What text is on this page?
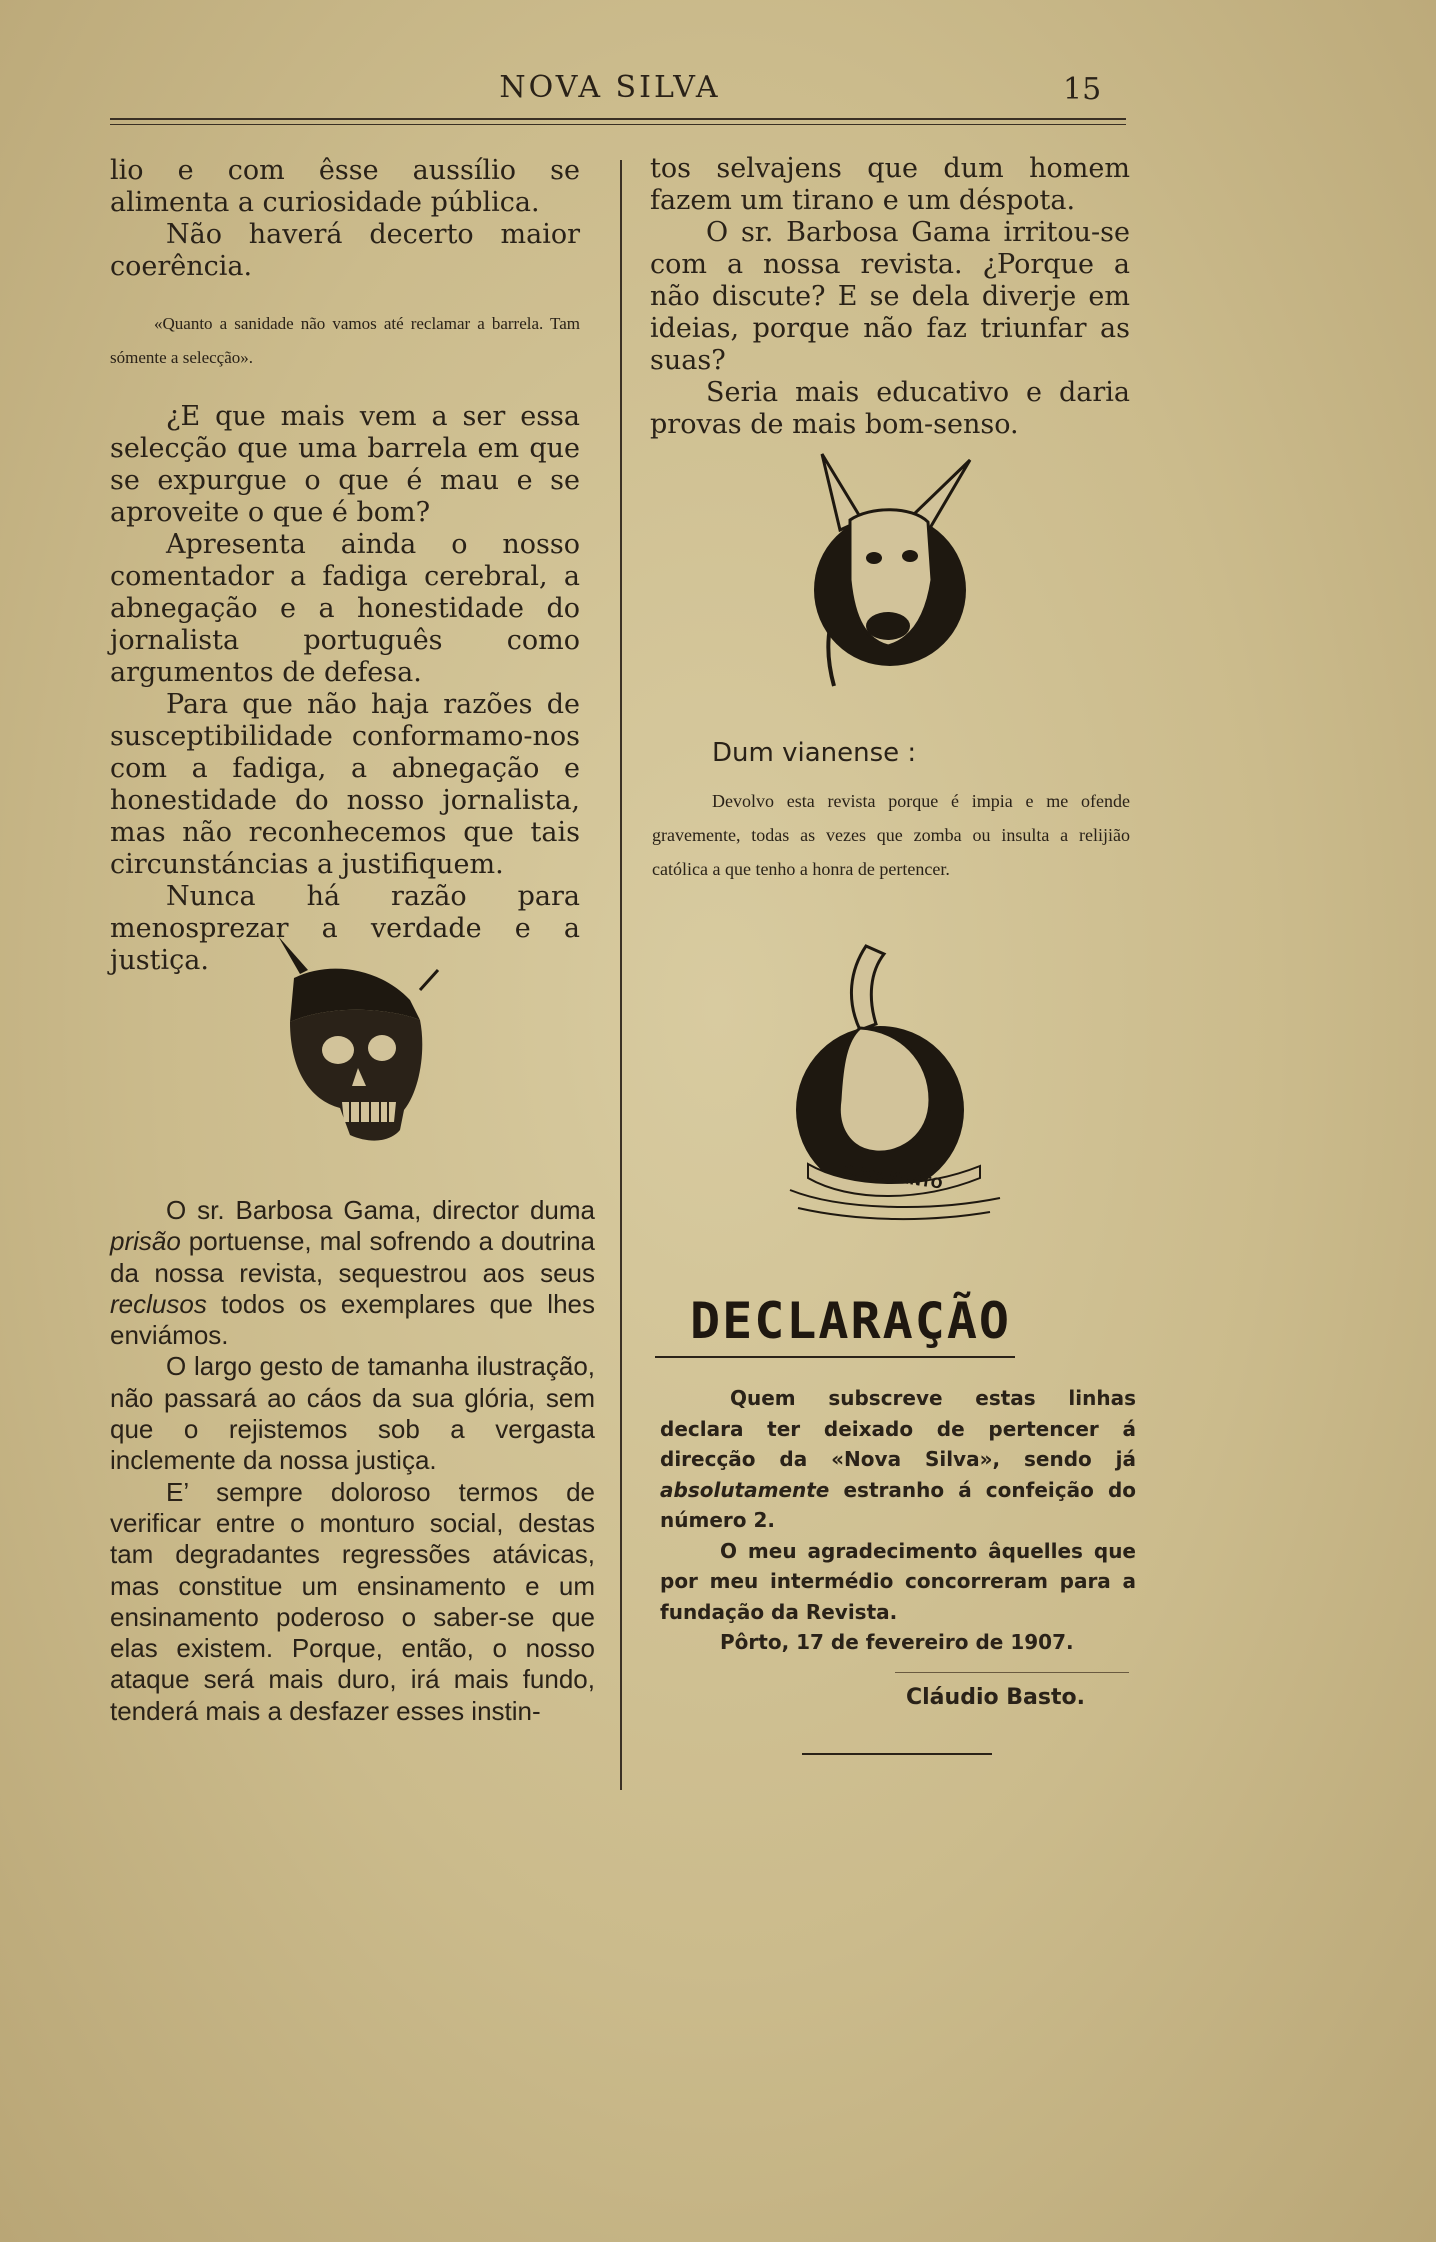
NOVA SILVA	15

lio e com êsse aussílio se alimenta a curiosidade pública.

Não haverá decerto maior coerência.

«Quanto a sanidade não vamos até reclamar a barrela. Tam sómente a selecção».

¿E que mais vem a ser essa selecção que uma barrela em que se expurgue o que é mau e se aproveite o que é bom?

Apresenta ainda o nosso comentador a fadiga cerebral, a abnegação e a honestidade do jornalista português como argumentos de defesa.

Para que não haja razões de susceptibilidade conformamo-nos com a fadiga, a abnegação e honestidade do nosso jornalista, mas não reconhecemos que tais circunstáncias a justifiquem.

Nunca há razão para menosprezar a verdade e a justiça.

O sr. Barbosa Gama, director duma prisão portuense, mal sofrendo a doutrina da nossa revista, sequestrou aos seus reclusos todos os exemplares que lhes enviámos.

O largo gesto de tamanha ilustração, não passará ao cáos da sua glória, sem que o rejistemos sob a vergasta inclemente da nossa justiça.

E’ sempre doloroso termos de verificar entre o monturo social, destas tam degradantes regressões atávicas, mas constitue um ensinamento e um ensinamento poderoso o saber-se que elas existem. Porque, então, o nosso ataque será mais duro, irá mais fundo, tenderá mais a desfazer esses instin-

tos selvajens que dum homem fazem um tirano e um déspota.

O sr. Barbosa Gama irritou-se com a nossa revista. ¿Porque a não discute? E se dela diverje em ideias, porque não faz triunfar as suas?

Seria mais educativo e daria provas de mais bom-senso.

Dum vianense :

Devolvo esta revista porque é impia e me ofende gravemente, todas as vezes que zomba ou insulta a relijião católica a que tenho a honra de pertencer.

ORÇAMENTO
DECLARAÇÃO

Quem subscreve estas linhas declara ter deixado de pertencer á direcção da «Nova Silva», sendo já absolutamente estranho á confeição do número 2.

O meu agradecimento âquelles que por meu intermédio concorreram para a fundação da Revista.

Pôrto, 17 de fevereiro de 1907.

Cláudio Basto.
